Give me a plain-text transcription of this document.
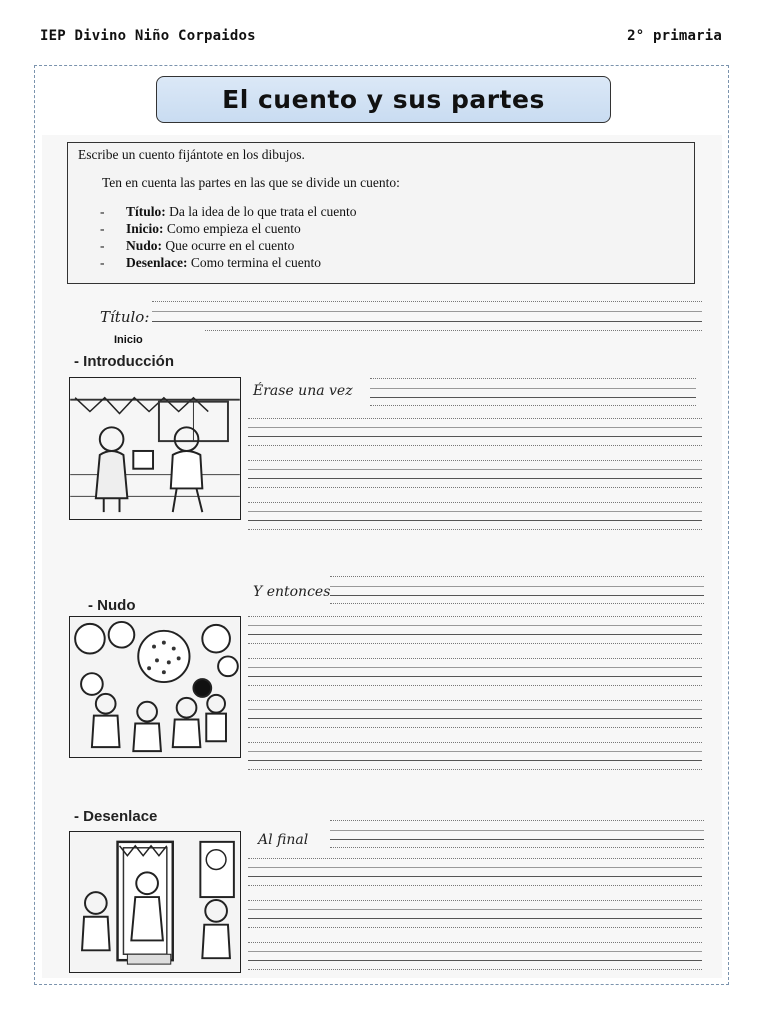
IEP Divino Niño Corpaidos	2° primaria
El cuento y sus partes

Escribe un cuento fijántote en los dibujos.

Ten en cuenta las partes en las que se divide un cuento:

- Título: Da la idea de lo que trata el cuento
- Inicio: Como empieza el cuento
- Nudo: Que ocurre en el cuento
- Desenlace: Como termina el cuento
Título:
Inicio
- Introducción
Érase una vez
Y entonces
- Nudo
- Desenlace
Al final
